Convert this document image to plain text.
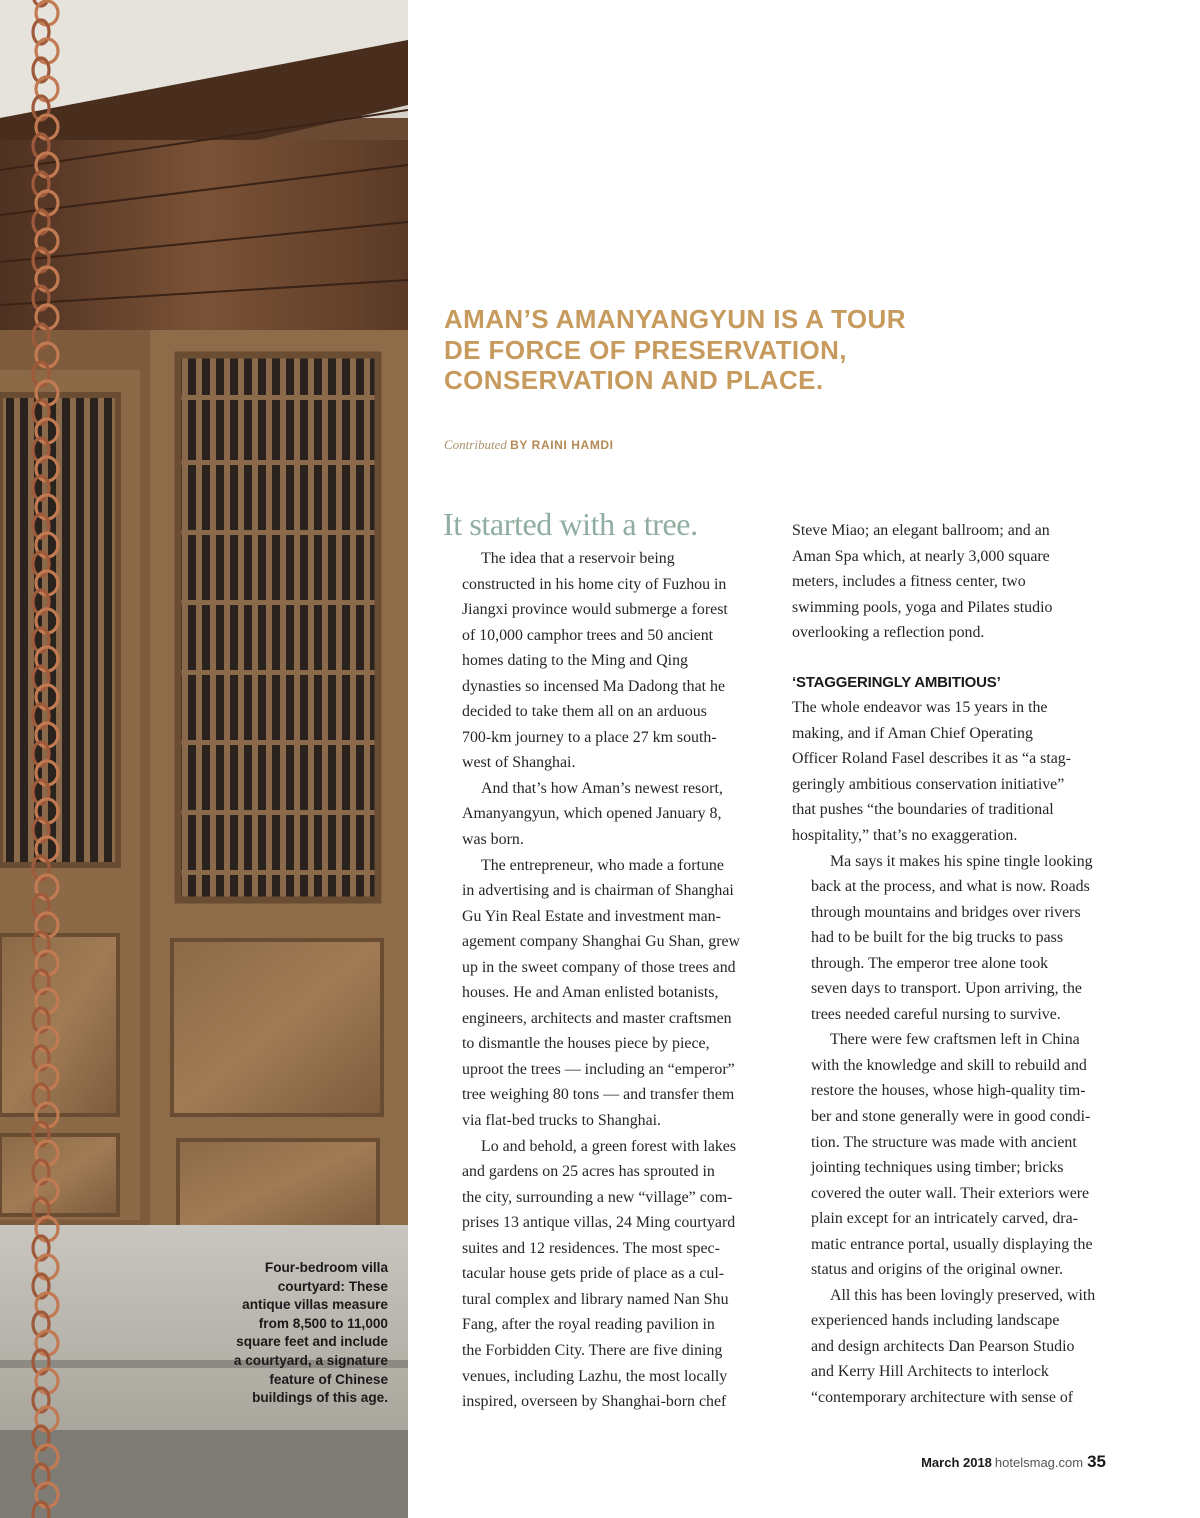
Four-bedroom villa
courtyard: These
antique villas measure
from 8,500 to 11,000
square feet and include
a courtyard, a signature
feature of Chinese
buildings of this age.
AMAN’S AMANYANGYUN IS A TOUR
DE FORCE OF PRESERVATION,
CONSERVATION AND PLACE.
Contributed BY RAINI HAMDI
It started with a tree.

The idea that a reservoir being
constructed in his home city of Fuzhou in
Jiangxi province would submerge a forest
of 10,000 camphor trees and 50 ancient
homes dating to the Ming and Qing
dynasties so incensed Ma Dadong that he
decided to take them all on an arduous
700-km journey to a place 27 km south-
west of Shanghai.

And that’s how Aman’s newest resort,
Amanyangyun, which opened January 8,
was born.

The entrepreneur, who made a fortune
in advertising and is chairman of Shanghai
Gu Yin Real Estate and investment man-
agement company Shanghai Gu Shan, grew
up in the sweet company of those trees and
houses. He and Aman enlisted botanists,
engineers, architects and master craftsmen
to dismantle the houses piece by piece,
uproot the trees — including an “emperor”
tree weighing 80 tons — and transfer them
via flat-bed trucks to Shanghai.

Lo and behold, a green forest with lakes
and gardens on 25 acres has sprouted in
the city, surrounding a new “village” com-
prises 13 antique villas, 24 Ming courtyard
suites and 12 residences. The most spec-
tacular house gets pride of place as a cul-
tural complex and library named Nan Shu
Fang, after the royal reading pavilion in
the Forbidden City. There are five dining
venues, including Lazhu, the most locally
inspired, overseen by Shanghai-born chef

Steve Miao; an elegant ballroom; and an
Aman Spa which, at nearly 3,000 square
meters, includes a fitness center, two
swimming pools, yoga and Pilates studio
overlooking a reflection pond.

‘STAGGERINGLY AMBITIOUS’

The whole endeavor was 15 years in the
making, and if Aman Chief Operating
Officer Roland Fasel describes it as “a stag-
geringly ambitious conservation initiative”
that pushes “the boundaries of traditional
hospitality,” that’s no exaggeration.

Ma says it makes his spine tingle looking
back at the process, and what is now. Roads
through mountains and bridges over rivers
had to be built for the big trucks to pass
through. The emperor tree alone took
seven days to transport. Upon arriving, the
trees needed careful nursing to survive.

There were few craftsmen left in China
with the knowledge and skill to rebuild and
restore the houses, whose high-quality tim-
ber and stone generally were in good condi-
tion. The structure was made with ancient
jointing techniques using timber; bricks
covered the outer wall. Their exteriors were
plain except for an intricately carved, dra-
matic entrance portal, usually displaying the
status and origins of the original owner.

All this has been lovingly preserved, with
experienced hands including landscape
and design architects Dan Pearson Studio
and Kerry Hill Architects to interlock
“contemporary architecture with sense of

March 2018 hotelsmag.com 35
